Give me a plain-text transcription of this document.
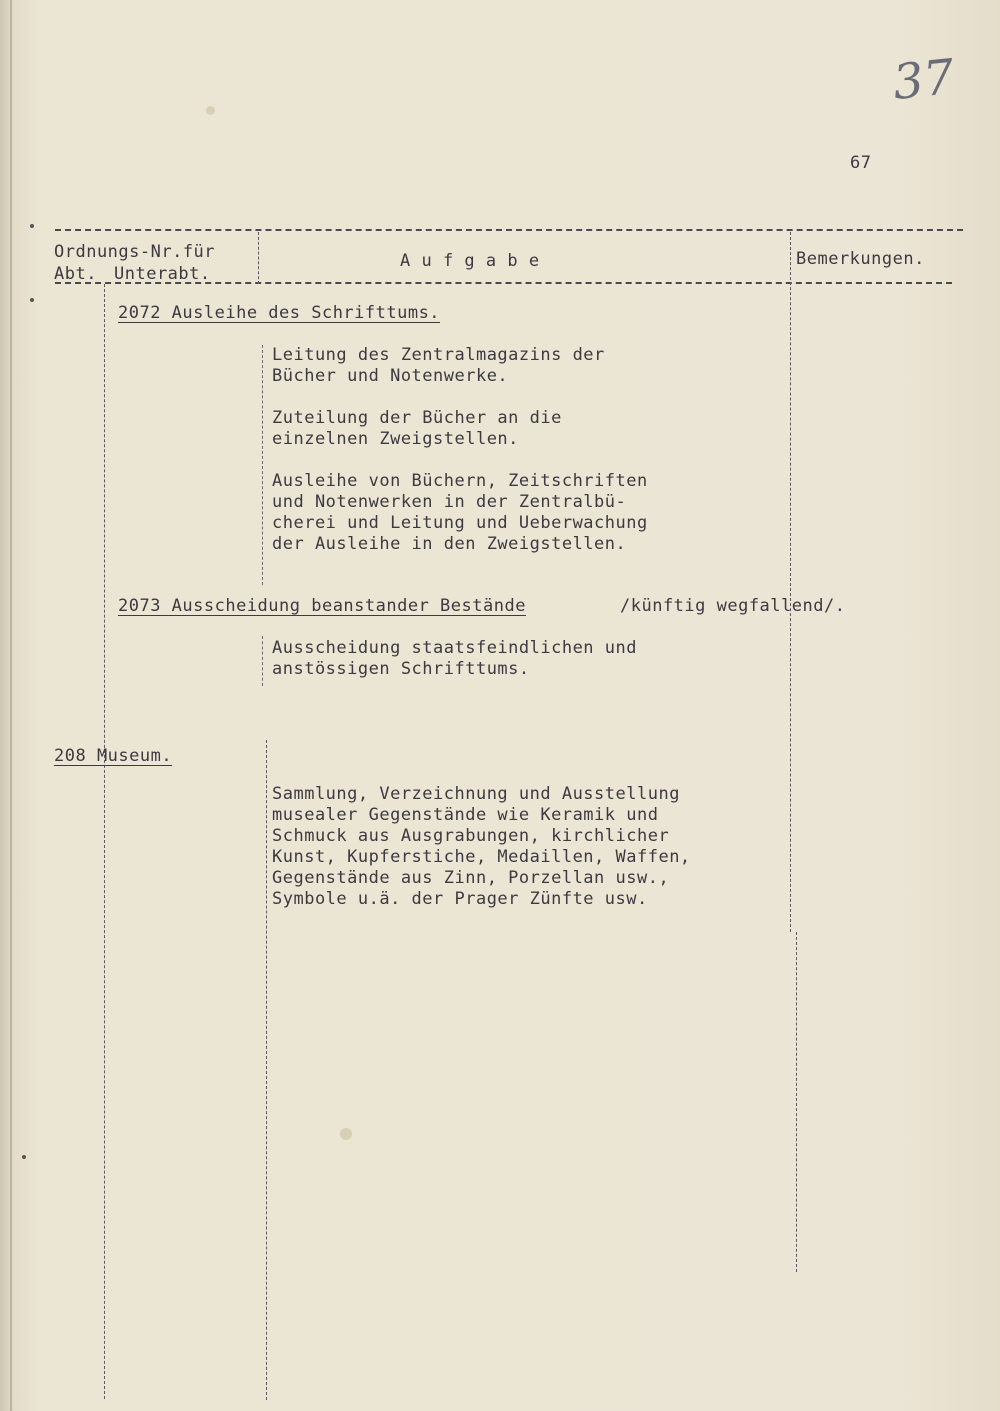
37
67
Ordnungs-Nr.für
Abt. Unterabt.
A u f g a b e	Bemerkungen.
2072 Ausleihe des Schrifttums.
Leitung des Zentralmagazins der
Bücher und Notenwerke.
Zuteilung der Bücher an die
einzelnen Zweigstellen.
Ausleihe von Büchern, Zeitschriften
und Notenwerken in der Zentralbü-
cherei und Leitung und Ueberwachung
der Ausleihe in den Zweigstellen.
2073 Ausscheidung beanstander Bestände	/künftig wegfallend/.
Ausscheidung staatsfeindlichen und
anstössigen Schrifttums.
208 Museum.
Sammlung, Verzeichnung und Ausstellung
musealer Gegenstände wie Keramik und
Schmuck aus Ausgrabungen, kirchlicher
Kunst, Kupferstiche, Medaillen, Waffen,
Gegenstände aus Zinn, Porzellan usw.,
Symbole u.ä. der Prager Zünfte usw.
